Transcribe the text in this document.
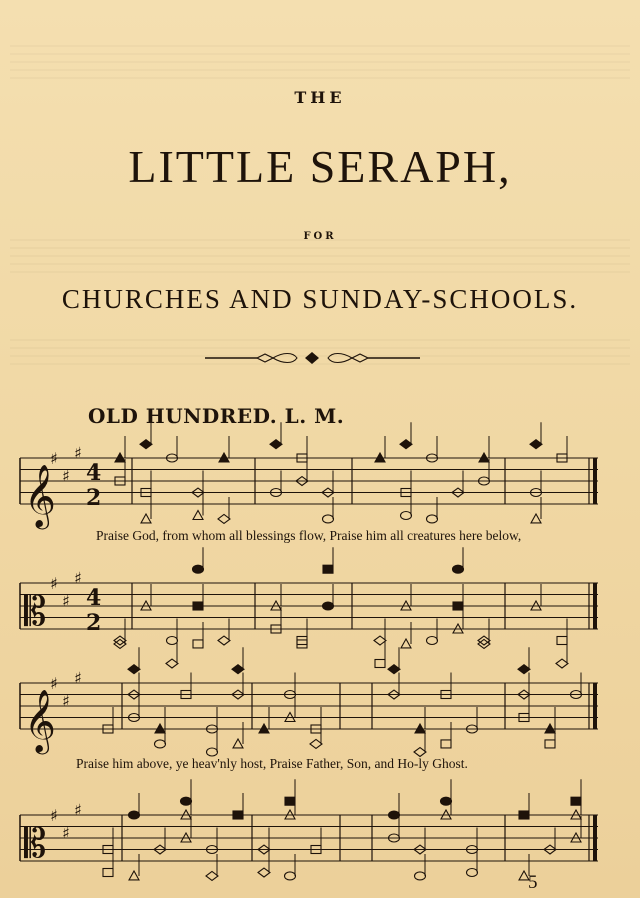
THE
LITTLE SERAPH,
FOR
CHURCHES AND SUNDAY-SCHOOLS.
OLD HUNDRED. L. M.
𝄞
♯
♯
♯
4
2
𝄡
♯
♯
♯
4
2
𝄞
♯
♯
♯
𝄡
♯
♯
♯
Praise God, from whom all blessings flow, Praise him all creatures here below,
Praise him above, ye heav'nly host, Praise Father, Son, and Ho-ly Ghost.
5
